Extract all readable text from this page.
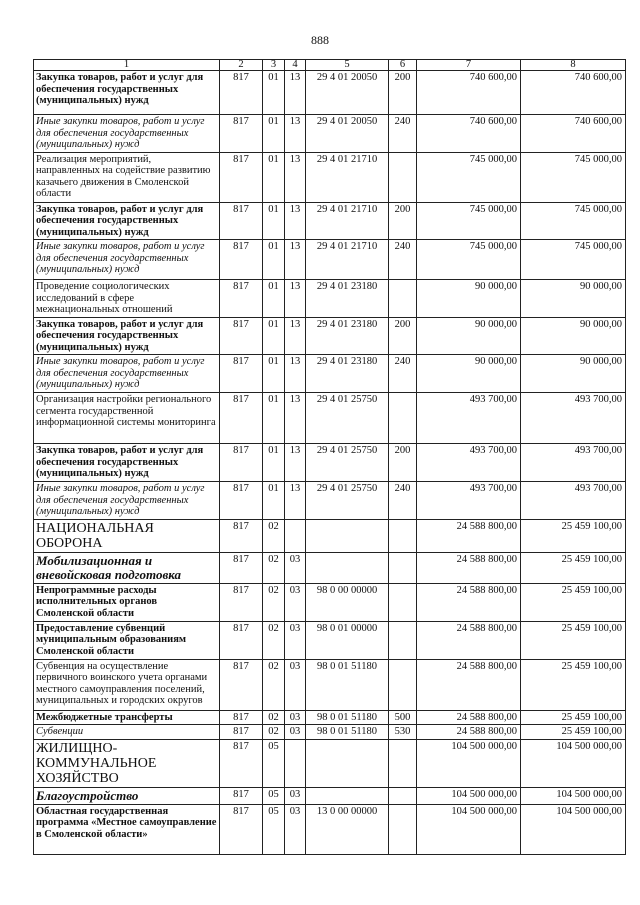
888
1	2	3	4	5	6	7	8
Закупка товаров, работ и услуг для обеспечения государственных (муниципальных) нужд	817	01	13	29 4 01 20050	200	740 600,00	740 600,00
Иные закупки товаров, работ и услуг для обеспечения государственных (муниципальных) нужд	817	01	13	29 4 01 20050	240	740 600,00	740 600,00
Реализация мероприятий, направленных на содействие развитию казачьего движения в Смоленской области	817	01	13	29 4 01 21710		745 000,00	745 000,00
Закупка товаров, работ и услуг для обеспечения государственных (муниципальных) нужд	817	01	13	29 4 01 21710	200	745 000,00	745 000,00
Иные закупки товаров, работ и услуг для обеспечения государственных (муниципальных) нужд	817	01	13	29 4 01 21710	240	745 000,00	745 000,00
Проведение социологических исследований в сфере межнациональных отношений	817	01	13	29 4 01 23180		90 000,00	90 000,00
Закупка товаров, работ и услуг для обеспечения государственных (муниципальных) нужд	817	01	13	29 4 01 23180	200	90 000,00	90 000,00
Иные закупки товаров, работ и услуг для обеспечения государственных (муниципальных) нужд	817	01	13	29 4 01 23180	240	90 000,00	90 000,00
Организация настройки регионального сегмента государственной информационной системы мониторинга	817	01	13	29 4 01 25750		493 700,00	493 700,00
Закупка товаров, работ и услуг для обеспечения государственных (муниципальных) нужд	817	01	13	29 4 01 25750	200	493 700,00	493 700,00
Иные закупки товаров, работ и услуг для обеспечения государственных (муниципальных) нужд	817	01	13	29 4 01 25750	240	493 700,00	493 700,00
НАЦИОНАЛЬНАЯ ОБОРОНА	817	02				24 588 800,00	25 459 100,00
Мобилизационная и вневойсковая подготовка	817	02	03			24 588 800,00	25 459 100,00
Непрограммные расходы исполнительных органов Смоленской области	817	02	03	98 0 00 00000		24 588 800,00	25 459 100,00
Предоставление субвенций муниципальным образованиям Смоленской области	817	02	03	98 0 01 00000		24 588 800,00	25 459 100,00
Субвенция на осуществление первичного воинского учета органами местного самоуправления поселений, муниципальных и городских округов	817	02	03	98 0 01 51180		24 588 800,00	25 459 100,00
Межбюджетные трансферты	817	02	03	98 0 01 51180	500	24 588 800,00	25 459 100,00
Субвенции	817	02	03	98 0 01 51180	530	24 588 800,00	25 459 100,00
ЖИЛИЩНО-КОММУНАЛЬНОЕ ХОЗЯЙСТВО	817	05				104 500 000,00	104 500 000,00
Благоустройство	817	05	03			104 500 000,00	104 500 000,00
Областная государственная программа «Местное самоуправление в Смоленской области»	817	05	03	13 0 00 00000		104 500 000,00	104 500 000,00
